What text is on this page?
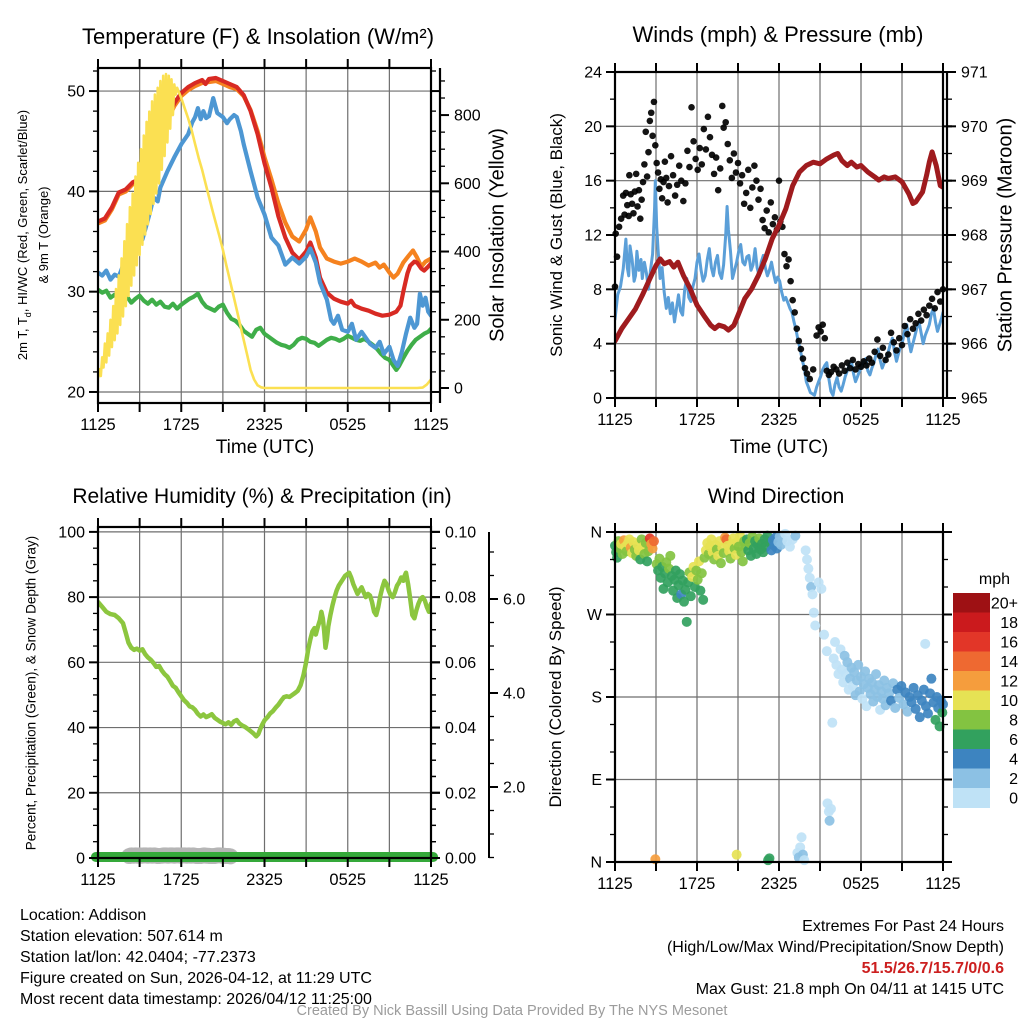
1125	1725	2325	0525	1125
20
30
40
50
0
200
400
600
800
1125	1725	2325	0525	1125
0
4
8
12
16
20
24
965
966
967
968
969
970
971
1125	1725	2325	0525	1125
0
20
40
60
80
100
0.00
0.02
0.04
0.06
0.08
0.10
2.0
4.0
6.0
1125	1725	2325	0525	1125
N
E
S
W
N
20+
18
16
14
12
10
8
6
4
2
0
mph
Temperature (F) & Insolation (W/m²)	Winds (mph) & Pressure (mb)
Relative Humidity (%) & Precipitation (in)	Wind Direction
Time (UTC)	Time (UTC)
2m T, $T_d$, HI/WC (Red, Green, Scarlet/Blue) & 9m T (Orange)	Solar Insolation (Yellow) Sonic Wind & Gust (Blue, Black)	Station Pressure (Maroon)
Percent, Precipitation (Green), & Snow Depth (Gray)	Direction (Colored By Speed)
Location: Addison
Station elevation: 507.614 m
Station lat/lon: 42.0404; -77.2373
Figure created on Sun, 2026-04-12, at 11:29 UTC
Most recent data timestamp: 2026/04/12 11:25:00
Extremes For Past 24 Hours
(High/Low/Max Wind/Precipitation/Snow Depth)
51.5/26.7/15.7/0/0.6
Max Gust: 21.8 mph On 04/11 at 1415 UTC
Created By Nick Bassill Using Data Provided By The NYS Mesonet
